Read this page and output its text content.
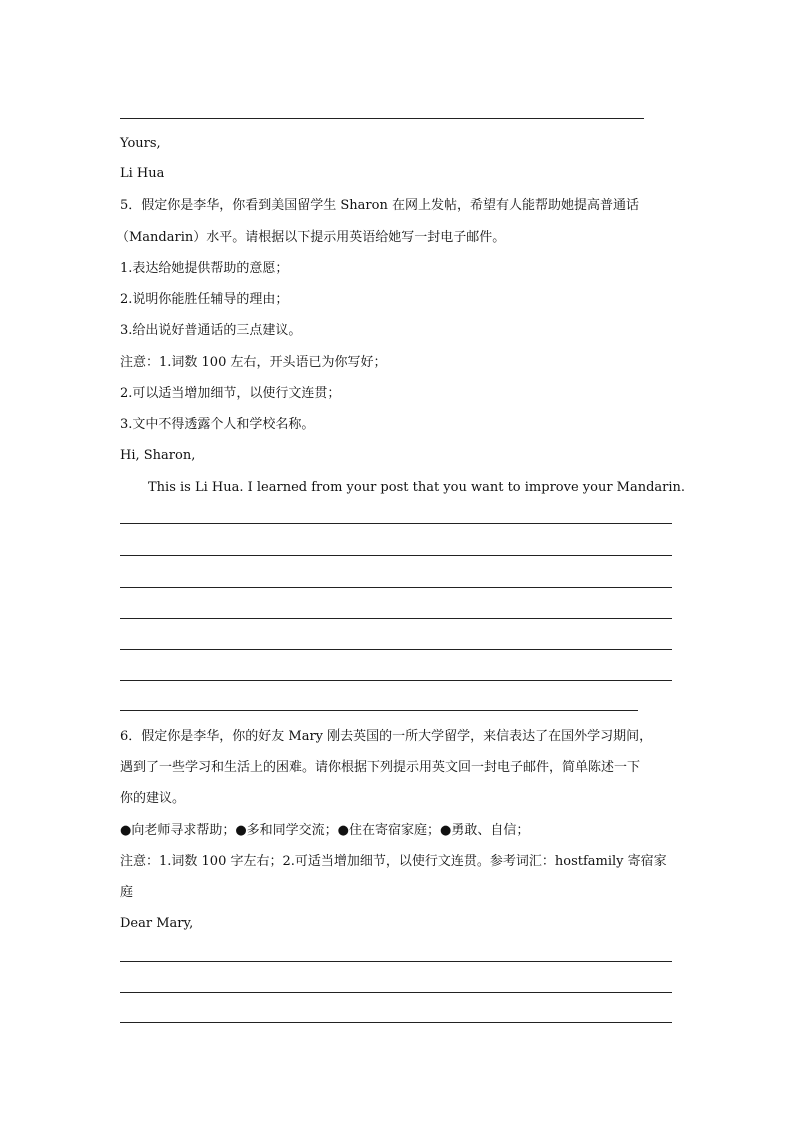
Yours,
Li Hua
5．假定你是李华，你看到美国留学生 Sharon 在网上发帖，希望有人能帮助她提高普通话
（Mandarin）水平。请根据以下提示用英语给她写一封电子邮件。
1.表达给她提供帮助的意愿；
2.说明你能胜任辅导的理由；
3.给出说好普通话的三点建议。
注意：1.词数 100 左右，开头语已为你写好；
2.可以适当增加细节，以使行文连贯；
3.文中不得透露个人和学校名称。
Hi, Sharon,
This is Li Hua. I learned from your post that you want to improve your Mandarin.
6．假定你是李华，你的好友 Mary 刚去英国的一所大学留学，来信表达了在国外学习期间，
遇到了一些学习和生活上的困难。请你根据下列提示用英文回一封电子邮件，简单陈述一下
你的建议。
●向老师寻求帮助；●多和同学交流；●住在寄宿家庭；●勇敢、自信；
注意：1.词数 100 字左右；2.可适当增加细节，以使行文连贯。参考词汇：hostfamily 寄宿家
庭
Dear Mary,
